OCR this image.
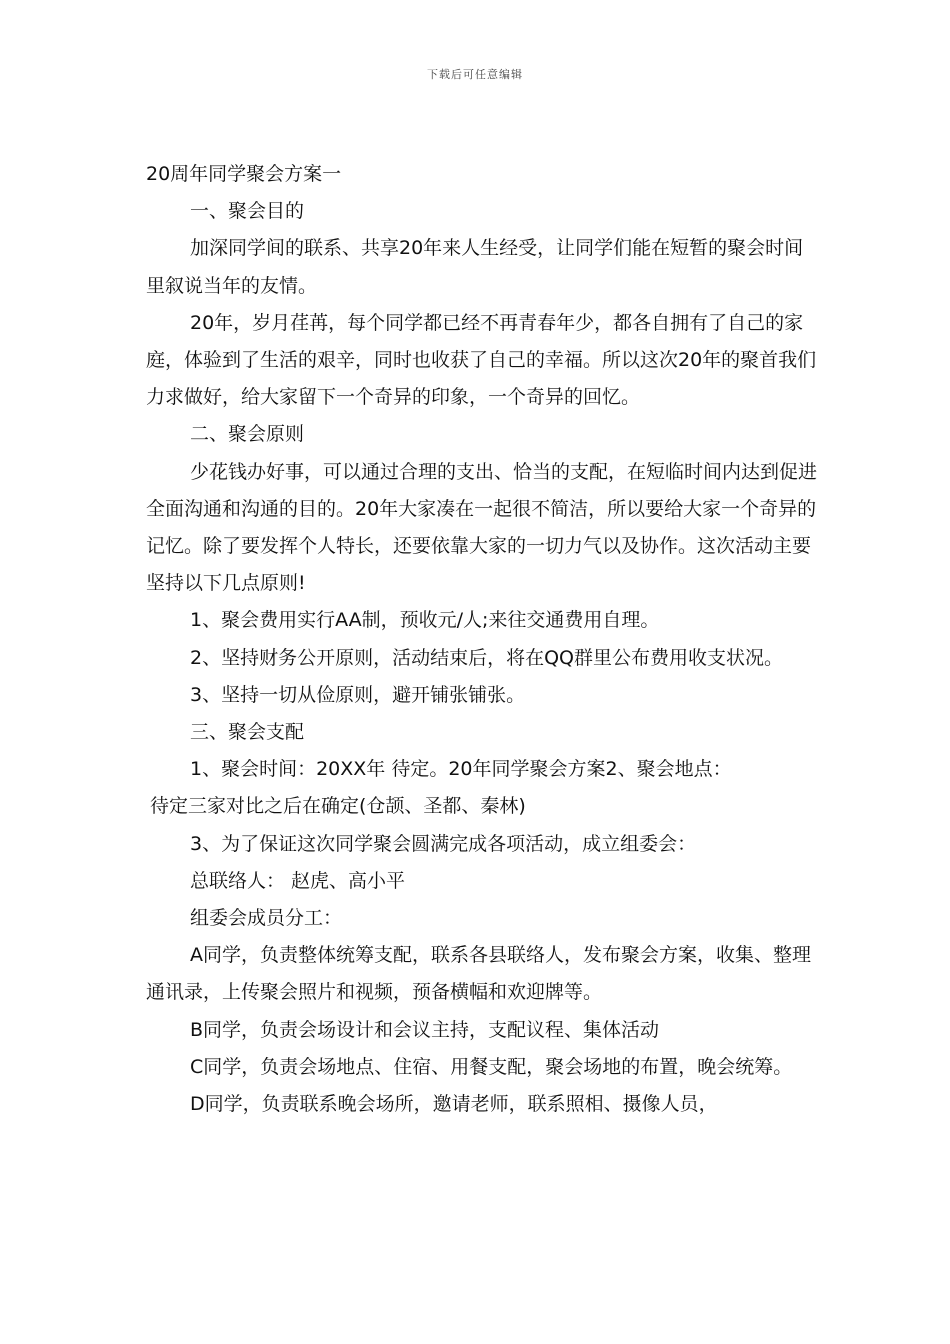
下载后可任意编辑

20周年同学聚会方案一

一、聚会目的

加深同学间的联系、共享20年来人生经受，让同学们能在短暂的聚会时间里叙说当年的友情。

20年，岁月荏苒，每个同学都已经不再青春年少，都各自拥有了自己的家庭，体验到了生活的艰辛，同时也收获了自己的幸福。所以这次20年的聚首我们力求做好，给大家留下一个奇异的印象，一个奇异的回忆。

二、聚会原则

少花钱办好事，可以通过合理的支出、恰当的支配，在短临时间内达到促进全面沟通和沟通的目的。20年大家凑在一起很不简洁，所以要给大家一个奇异的记忆。除了要发挥个人特长，还要依靠大家的一切力气以及协作。这次活动主要坚持以下几点原则!

1、聚会费用实行AA制，预收元/人;来往交通费用自理。

2、坚持财务公开原则，活动结束后，将在QQ群里公布费用收支状况。

3、坚持一切从俭原则，避开铺张铺张。

三、聚会支配

1、聚会时间：20XX年 待定。20年同学聚会方案2、聚会地点：

待定三家对比之后在确定(仓颉、圣都、秦林)

3、为了保证这次同学聚会圆满完成各项活动，成立组委会：

总联络人： 赵虎、高小平

组委会成员分工：

A同学，负责整体统筹支配，联系各县联络人，发布聚会方案，收集、整理通讯录，上传聚会照片和视频，预备横幅和欢迎牌等。

B同学，负责会场设计和会议主持，支配议程、集体活动

C同学，负责会场地点、住宿、用餐支配，聚会场地的布置，晚会统筹。

D同学，负责联系晚会场所，邀请老师，联系照相、摄像人员，
